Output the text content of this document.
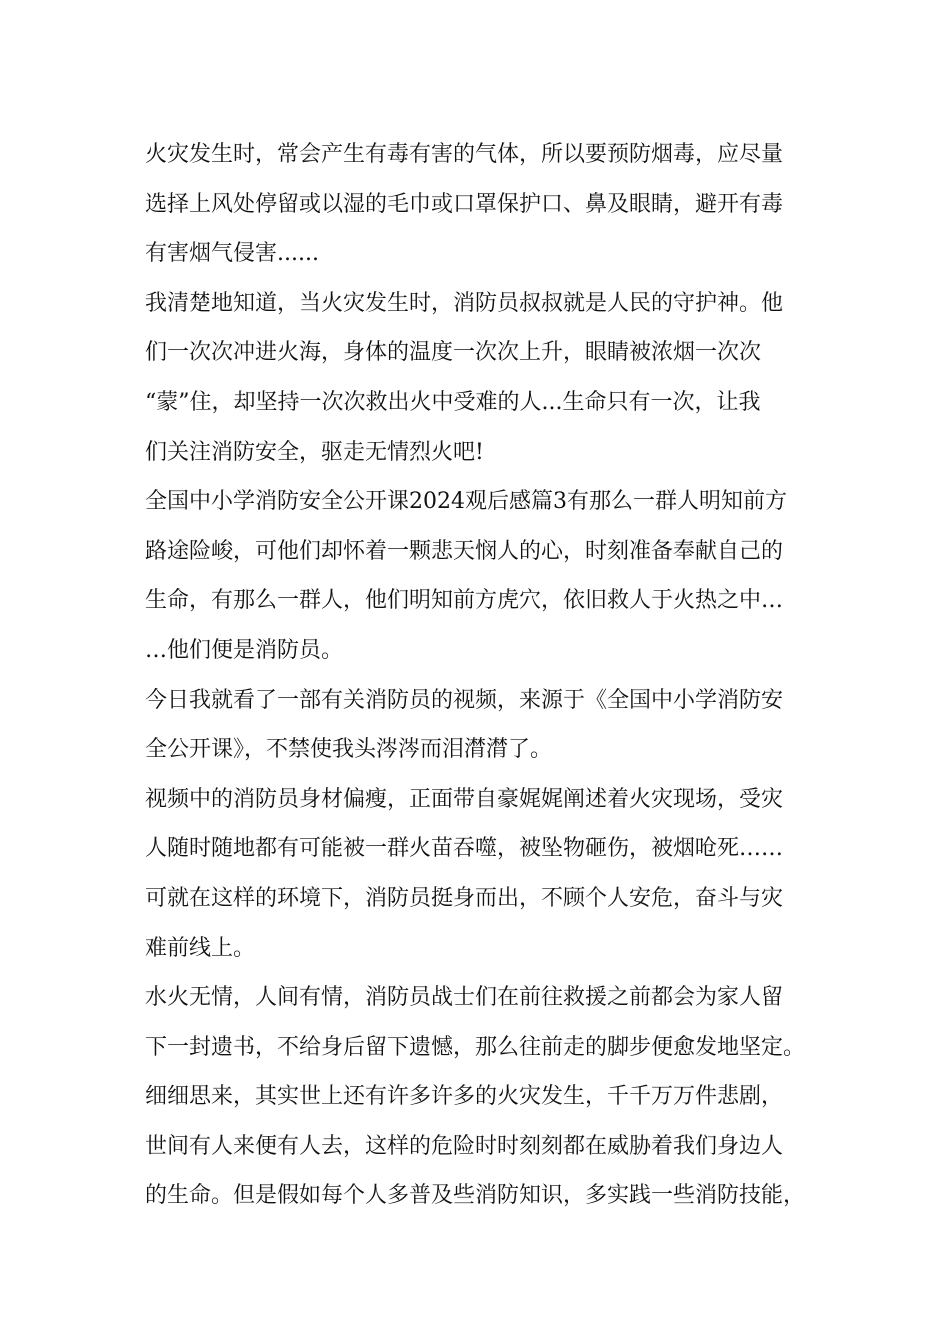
火灾发生时，常会产生有毒有害的气体，所以要预防烟毒，应尽量
选择上风处停留或以湿的毛巾或口罩保护口、鼻及眼睛，避开有毒
有害烟气侵害......
我清楚地知道，当火灾发生时，消防员叔叔就是人民的守护神。他
们一次次冲进火海，身体的温度一次次上升，眼睛被浓烟一次次
“蒙”住，却坚持一次次救出火中受难的人...生命只有一次，让我
们关注消防安全，驱走无情烈火吧!
全国中小学消防安全公开课2024观后感篇3有那么一群人明知前方
路途险峻，可他们却怀着一颗悲天悯人的心，时刻准备奉献自己的
生命，有那么一群人，他们明知前方虎穴，依旧救人于火热之中…
…他们便是消防员。
今日我就看了一部有关消防员的视频，来源于《全国中小学消防安
全公开课》，不禁使我头涔涔而泪潸潸了。
视频中的消防员身材偏瘦，正面带自豪娓娓阐述着火灾现场，受灾
人随时随地都有可能被一群火苗吞噬，被坠物砸伤，被烟呛死……
可就在这样的环境下，消防员挺身而出，不顾个人安危，奋斗与灾
难前线上。
水火无情，人间有情，消防员战士们在前往救援之前都会为家人留
下一封遗书，不给身后留下遗憾，那么往前走的脚步便愈发地坚定。
细细思来，其实世上还有许多许多的火灾发生，千千万万件悲剧，
世间有人来便有人去，这样的危险时时刻刻都在威胁着我们身边人
的生命。但是假如每个人多普及些消防知识，多实践一些消防技能，
